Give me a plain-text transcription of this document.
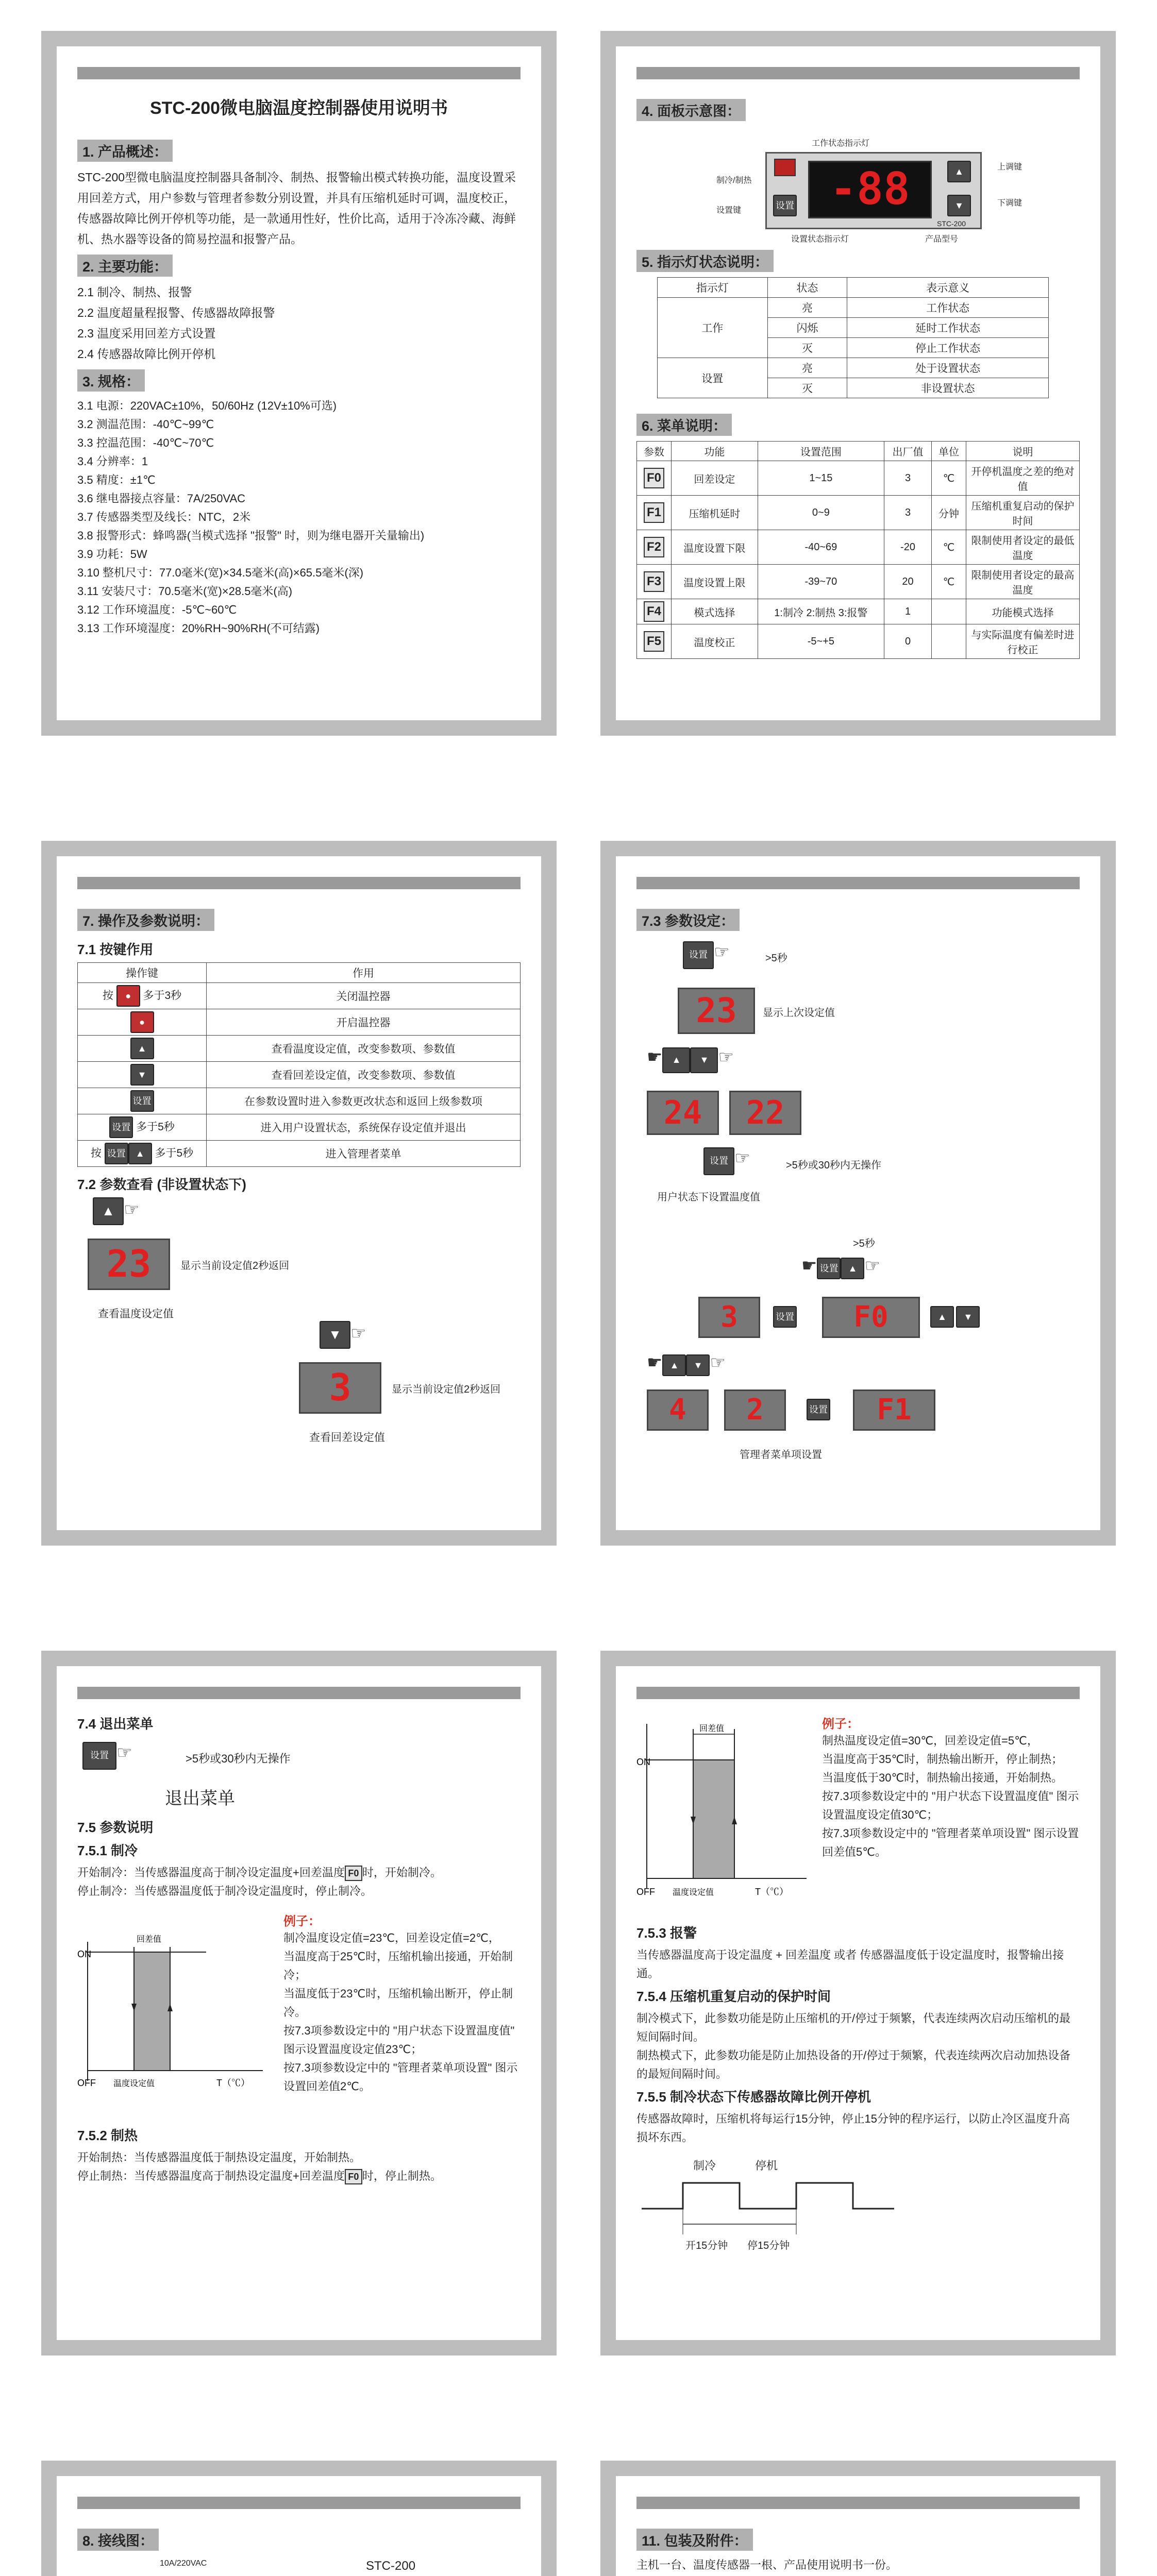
STC-200微电脑温度控制器使用说明书
1. 产品概述：
STC-200型微电脑温度控制器具备制冷、制热、报警输出模式转换功能，温度设置采用回差方式，用户参数与管理者参数分别设置，并具有压缩机延时可调，温度校正，传感器故障比例开停机等功能，是一款通用性好，性价比高，适用于冷冻冷藏、海鲜机、热水器等设备的简易控温和报警产品。
2. 主要功能：
2.1 制冷、制热、报警
2.2 温度超量程报警、传感器故障报警
2.3 温度采用回差方式设置
2.4 传感器故障比例开停机
3. 规格：
3.1 电源：220VAC±10%，50/60Hz (12V±10%可选)
3.2 测温范围：-40℃~99℃
3.3 控温范围：-40℃~70℃
3.4 分辨率：1
3.5 精度：±1℃
3.6 继电器接点容量：7A/250VAC
3.7 传感器类型及线长：NTC，2米
3.8 报警形式：蜂鸣器(当模式选择 "报警" 时，则为继电器开关量输出)
3.9 功耗：5W
3.10 整机尺寸：77.0毫米(宽)×34.5毫米(高)×65.5毫米(深)
3.11 安装尺寸：70.5毫米(宽)×28.5毫米(高)
3.12 工作环境温度：-5℃~60℃
3.13 工作环境湿度：20%RH~90%RH(不可结露)
4. 面板示意图：
设置 -88	▲
▼
STC-200
制冷/制热
设置键
工作状态指示灯
上调键
下调键
设置状态指示灯	产品型号
5. 指示灯状态说明：
指示灯	状态	表示意义
工作	亮	工作状态
	闪烁	延时工作状态
	灭	停止工作状态
设置	亮	处于设置状态
	灭	非设置状态
6. 菜单说明：
参数	功能	设置范围	出厂值	单位	说明
F0	回差设定	1~15	3	℃	开停机温度之差的绝对值
F1	压缩机延时	0~9	3	分钟	压缩机重复启动的保护时间
F2	温度设置下限	-40~69	-20	℃	限制使用者设定的最低温度
F3	温度设置上限	-39~70	20	℃	限制使用者设定的最高温度
F4	模式选择	1:制冷 2:制热 3:报警	1		功能模式选择
F5	温度校正	-5~+5	0		与实际温度有偏差时进行校正
7. 操作及参数说明：
7.1 按键作用
操作键	作用
按 ● 多于3秒	关闭温控器
●	开启温控器
▲	查看温度设定值，改变参数项、参数值
▼	查看回差设定值，改变参数项、参数值
设置	在参数设置时进入参数更改状态和返回上级参数项
设置 多于5秒	进入用户设置状态，系统保存设定值并退出
按 设置 ▲ 多于5秒	进入管理者菜单
7.2 参数查看 (非设置状态下)
▲ ☞
23	显示当前设定值2秒返回
查看温度设定值
▼ ☞
3	显示当前设定值2秒返回
查看回差设定值
7.3 参数设定：
设置 ☞	>5秒
23	显示上次设定值
☛ ▲ ▼ ☞
24	22
设置 ☞	>5秒或30秒内无操作
用户状态下设置温度值
>5秒
☛ 设置 ▲ ☞
3	设置	F0	▲ ▼
☛ ▲ ▼ ☞
4	2	设置	F1
管理者菜单项设置
7.4 退出菜单
设置 ☞	>5秒或30秒内无操作
退出菜单
7.5 参数说明
7.5.1 制冷
开始制冷：当传感器温度高于制冷设定温度+回差温度 F0 时，开始制冷。
停止制冷：当传感器温度低于制冷设定温度时，停止制冷。
ON
OFF
回差值
温度设定值	T（℃）
例子：
制冷温度设定值=23℃，回差设定值=2℃，
当温度高于25℃时，压缩机输出接通，开始制冷；
当温度低于23℃时，压缩机输出断开，停止制冷。
按7.3项参数设定中的 "用户状态下设置温度值" 图示设置温度设定值23℃；
按7.3项参数设定中的 "管理者菜单项设置" 图示设置回差值2℃。
7.5.2 制热
开始制热：当传感器温度低于制热设定温度，开始制热。
停止制热：当传感器温度高于制热设定温度+回差温度 F0 时，停止制热。
ON
OFF
回差值
温度设定值	T（℃）
例子：
制热温度设定值=30℃，回差设定值=5℃，
当温度高于35℃时，制热输出断开，停止制热；
当温度低于30℃时，制热输出接通，开始制热。
按7.3项参数设定中的 "用户状态下设置温度值" 图示设置温度设定值30℃；
按7.3项参数设定中的 "管理者菜单项设置" 图示设置回差值5℃。
7.5.3 报警
当传感器温度高于设定温度 + 回差温度 或者 传感器温度低于设定温度时，报警输出接通。
7.5.4 压缩机重复启动的保护时间
制冷模式下，此参数功能是防止压缩机的开/停过于频繁，代表连续两次启动压缩机的最短间隔时间。
制热模式下，此参数功能是防止加热设备的开/停过于频繁，代表连续两次启动加热设备的最短间隔时间。
7.5.5 制冷状态下传感器故障比例开停机
传感器故障时，压缩机将每运行15分钟，停止15分钟的程序运行，以防止冷区温度升高损坏东西。
制冷	停机
开15分钟 停15分钟
8. 接线图：
STC-200
10A/220VAC

11. 包装及附件：
主机一台、温度传感器一根、产品使用说明书一份。
